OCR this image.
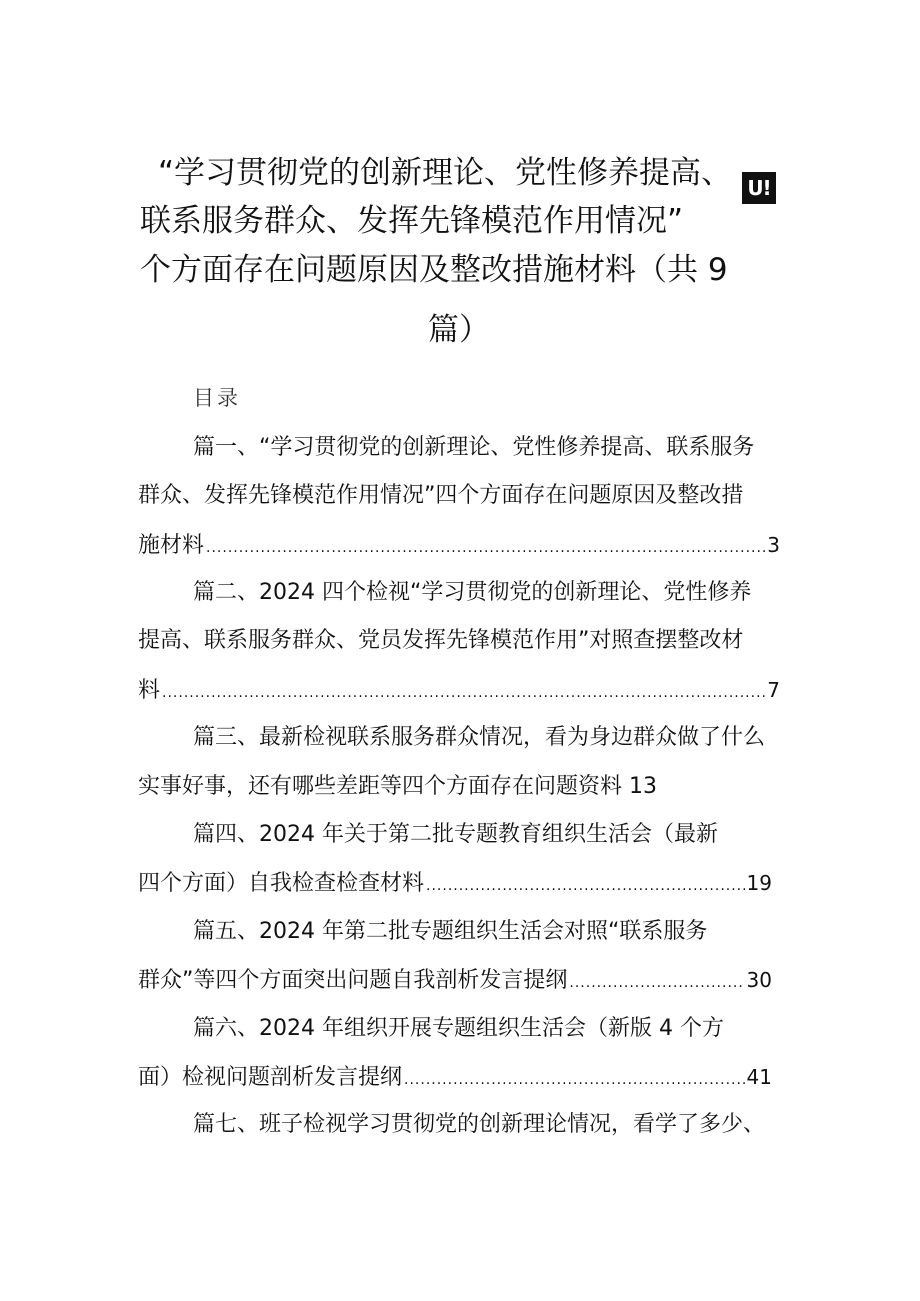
“学习贯彻党的创新理论、党性修养提高、
联系服务群众、发挥先锋模范作用情况”
个方面存在问题原因及整改措施材料（共 9
篇）
U!
目录
篇一、“学习贯彻党的创新理论、党性修养提高、联系服务
群众、发挥先锋模范作用情况”四个方面存在问题原因及整改措
施材料 .....	3
篇二、2024 四个检视“学习贯彻党的创新理论、党性修养
提高、联系服务群众、党员发挥先锋模范作用”对照查摆整改材
料 .....	7
篇三、最新检视联系服务群众情况，看为身边群众做了什么
实事好事，还有哪些差距等四个方面存在问题资料 13
篇四、2024 年关于第二批专题教育组织生活会（最新
四个方面）自我检查检查材料 .....	19
篇五、2024 年第二批专题组织生活会对照“联系服务
群众”等四个方面突出问题自我剖析发言提纲 .....	30
篇六、2024 年组织开展专题组织生活会（新版 4 个方
面）检视问题剖析发言提纲 .....	41
篇七、班子检视学习贯彻党的创新理论情况，看学了多少、
